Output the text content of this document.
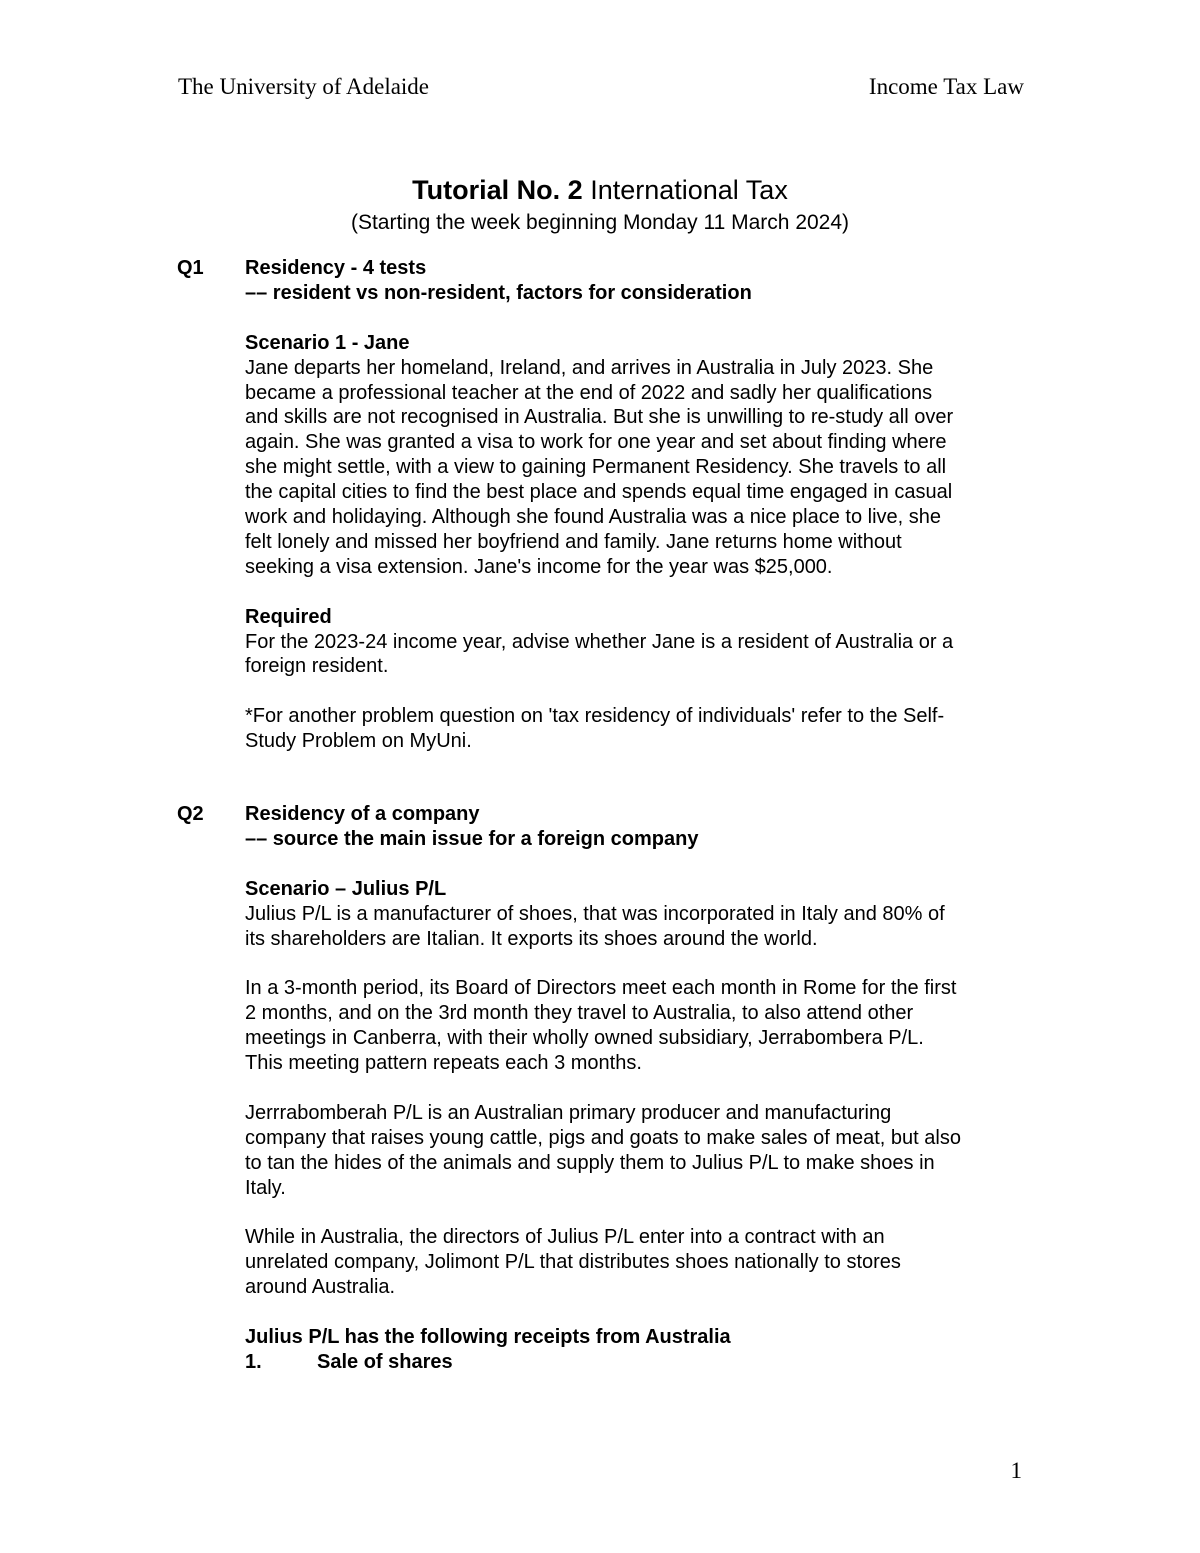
The University of Adelaide	Income Tax Law
Tutorial No. 2 International Tax
(Starting the week beginning Monday 11 March 2024)
Q1 Residency - 4 tests

–– resident vs non-resident, factors for consideration

Scenario 1 - Jane

Jane departs her homeland, Ireland, and arrives in Australia in July 2023. She

became a professional teacher at the end of 2022 and sadly her qualifications

and skills are not recognised in Australia. But she is unwilling to re-study all over

again. She was granted a visa to work for one year and set about finding where

she might settle, with a view to gaining Permanent Residency. She travels to all

the capital cities to find the best place and spends equal time engaged in casual

work and holidaying. Although she found Australia was a nice place to live, she

felt lonely and missed her boyfriend and family. Jane returns home without

seeking a visa extension. Jane's income for the year was $25,000.

Required

For the 2023-24 income year, advise whether Jane is a resident of Australia or a

foreign resident.

*For another problem question on 'tax residency of individuals' refer to the Self-

Study Problem on MyUni.

Q2 Residency of a company

–– source the main issue for a foreign company

Scenario – Julius P/L

Julius P/L is a manufacturer of shoes, that was incorporated in Italy and 80% of

its shareholders are Italian. It exports its shoes around the world.

In a 3-month period, its Board of Directors meet each month in Rome for the first

2 months, and on the 3rd month they travel to Australia, to also attend other

meetings in Canberra, with their wholly owned subsidiary, Jerrabombera P/L.

This meeting pattern repeats each 3 months.

Jerrrabomberah P/L is an Australian primary producer and manufacturing

company that raises young cattle, pigs and goats to make sales of meat, but also

to tan the hides of the animals and supply them to Julius P/L to make shoes in

Italy.

While in Australia, the directors of Julius P/L enter into a contract with an

unrelated company, Jolimont P/L that distributes shoes nationally to stores

around Australia.

Julius P/L has the following receipts from Australia

1.	Sale of shares
1
